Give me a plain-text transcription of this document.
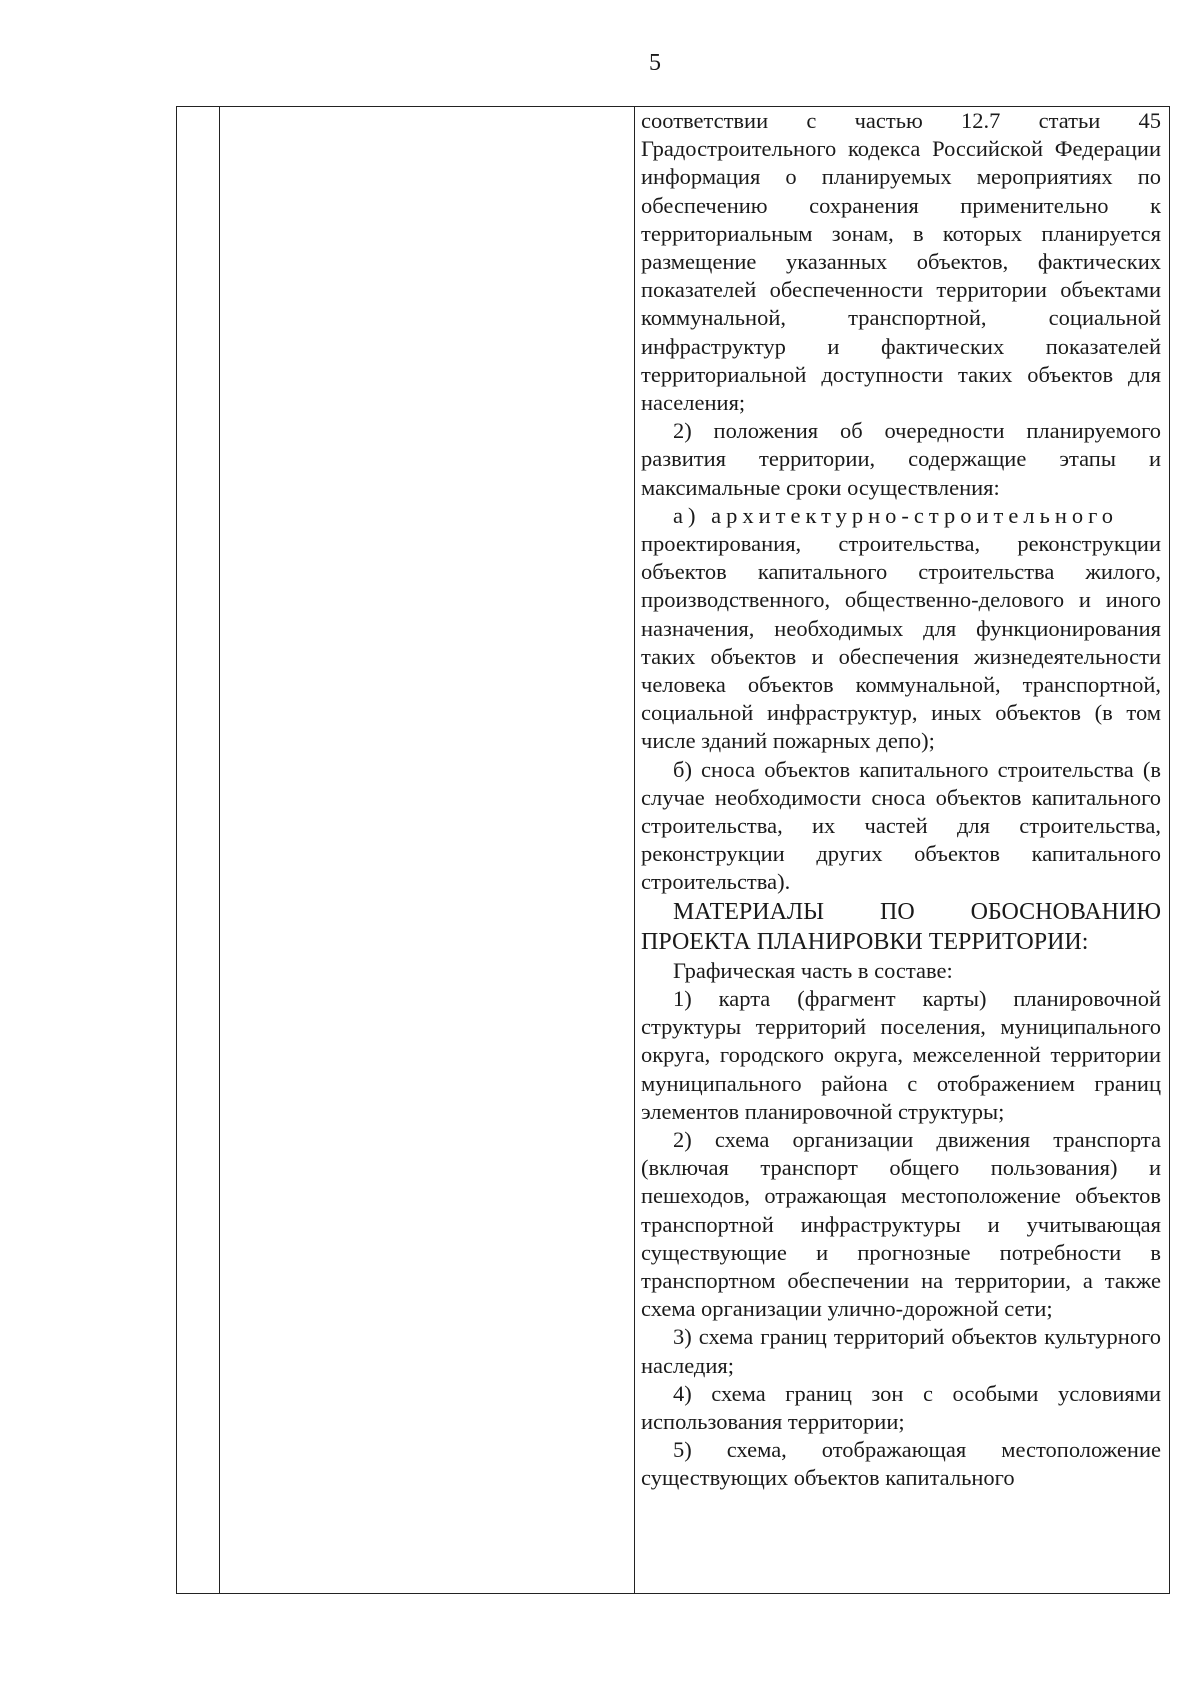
5

соответствии с частью 12.7 статьи 45 Градостроительного кодекса Российской Федерации информация о планируемых мероприятиях по обеспечению сохранения применительно к территориальным зонам, в которых планируется размещение указанных объектов, фактических показателей обеспеченности территории объектами коммунальной, транспортной, социальной инфраструктур и фактических показателей территориальной доступности таких объектов для населения;

2) положения об очередности планируемого развития территории, содержащие этапы и максимальные сроки осуществления:

а) архитектурно-строительного

проектирования, строительства, реконструкции объектов капитального строительства жилого, производственного, общественно-делового и иного назначения, необходимых для функционирования таких объектов и обеспечения жизнедеятельности человека объектов коммунальной, транспортной, социальной инфраструктур, иных объектов (в том числе зданий пожарных депо);

б) сноса объектов капитального строительства (в случае необходимости сноса объектов капитального строительства, их частей для строительства, реконструкции других объектов капитального строительства).

МАТЕРИАЛЫ ПО ОБОСНОВАНИЮ ПРОЕКТА ПЛАНИРОВКИ ТЕРРИТОРИИ:

Графическая часть в составе:

1) карта (фрагмент карты) планировочной структуры территорий поселения, муниципального округа, городского округа, межселенной территории муниципального района с отображением границ элементов планировочной структуры;

2) схема организации движения транспорта (включая транспорт общего пользования) и пешеходов, отражающая местоположение объектов транспортной инфраструктуры и учитывающая существующие и прогнозные потребности в транспортном обеспечении на территории, а также схема организации улично-дорожной сети;

3) схема границ территорий объектов культурного наследия;

4) схема границ зон с особыми условиями использования территории;

5) схема, отображающая местоположение существующих объектов капитального
